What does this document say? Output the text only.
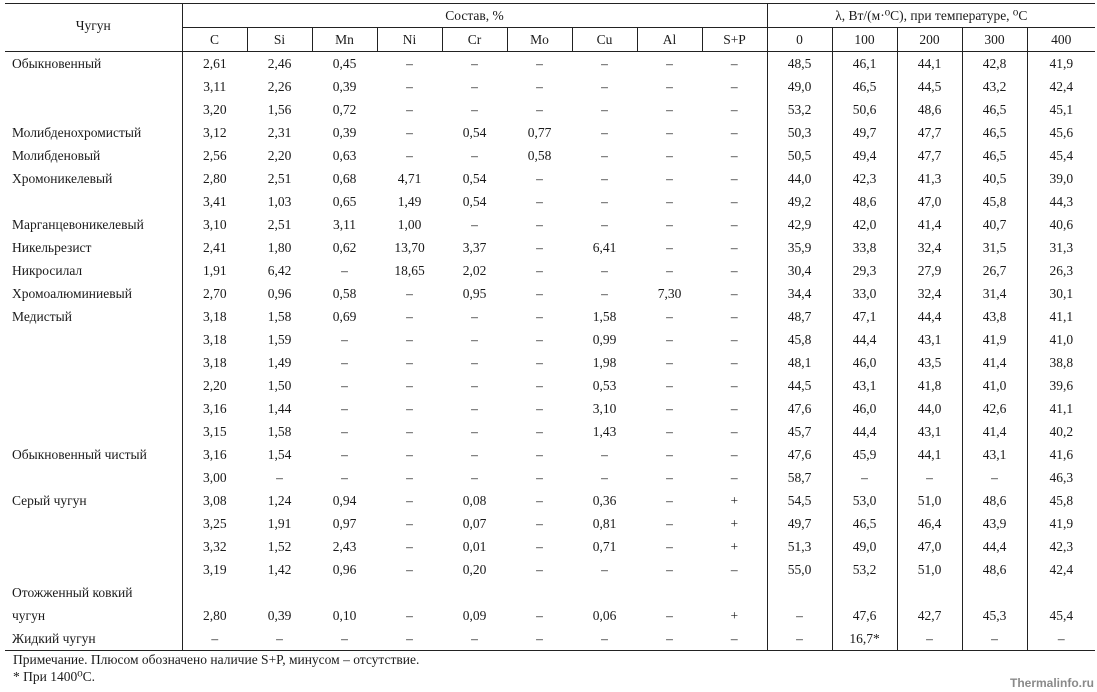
Чугун	Состав, %									λ, Вт/(м·⁰С), при температуре, ⁰С				
	C	Si	Mn	Ni	Cr	Mo	Cu	Al	S+P	0	100	200	300	400
Обыкновенный	2,61	2,46	0,45	–	–	–	–	–	–	48,5	46,1	44,1	42,8	41,9
	3,11	2,26	0,39	–	–	–	–	–	–	49,0	46,5	44,5	43,2	42,4
	3,20	1,56	0,72	–	–	–	–	–	–	53,2	50,6	48,6	46,5	45,1
Молибденохромистый	3,12	2,31	0,39	–	0,54	0,77	–	–	–	50,3	49,7	47,7	46,5	45,6
Молибденовый	2,56	2,20	0,63	–	–	0,58	–	–	–	50,5	49,4	47,7	46,5	45,4
Хромоникелевый	2,80	2,51	0,68	4,71	0,54	–	–	–	–	44,0	42,3	41,3	40,5	39,0
	3,41	1,03	0,65	1,49	0,54	–	–	–	–	49,2	48,6	47,0	45,8	44,3
Марганцевоникелевый	3,10	2,51	3,11	1,00	–	–	–	–	–	42,9	42,0	41,4	40,7	40,6
Никельрезист	2,41	1,80	0,62	13,70	3,37	–	6,41	–	–	35,9	33,8	32,4	31,5	31,3
Никросилал	1,91	6,42	–	18,65	2,02	–	–	–	–	30,4	29,3	27,9	26,7	26,3
Хромоалюминиевый	2,70	0,96	0,58	–	0,95	–	–	7,30	–	34,4	33,0	32,4	31,4	30,1
Медистый	3,18	1,58	0,69	–	–	–	1,58	–	–	48,7	47,1	44,4	43,8	41,1
	3,18	1,59	–	–	–	–	0,99	–	–	45,8	44,4	43,1	41,9	41,0
	3,18	1,49	–	–	–	–	1,98	–	–	48,1	46,0	43,5	41,4	38,8
	2,20	1,50	–	–	–	–	0,53	–	–	44,5	43,1	41,8	41,0	39,6
	3,16	1,44	–	–	–	–	3,10	–	–	47,6	46,0	44,0	42,6	41,1
	3,15	1,58	–	–	–	–	1,43	–	–	45,7	44,4	43,1	41,4	40,2
Обыкновенный чистый	3,16	1,54	–	–	–	–	–	–	–	47,6	45,9	44,1	43,1	41,6
	3,00	–	–	–	–	–	–	–	–	58,7	–	–	–	46,3
Серый чугун	3,08	1,24	0,94	–	0,08	–	0,36	–	+	54,5	53,0	51,0	48,6	45,8
	3,25	1,91	0,97	–	0,07	–	0,81	–	+	49,7	46,5	46,4	43,9	41,9
	3,32	1,52	2,43	–	0,01	–	0,71	–	+	51,3	49,0	47,0	44,4	42,3
	3,19	1,42	0,96	–	0,20	–	–	–	–	55,0	53,2	51,0	48,6	42,4
Отожженный ковкий														
чугун	2,80	0,39	0,10	–	0,09	–	0,06	–	+	–	47,6	42,7	45,3	45,4
Жидкий чугун	–	–	–	–	–	–	–	–	–	–	16,7*	–	–	–
Примечание. Плюсом обозначено наличие S+P, минусом – отсутствие.
* При 1400⁰С.	Thermalinfo.ru
